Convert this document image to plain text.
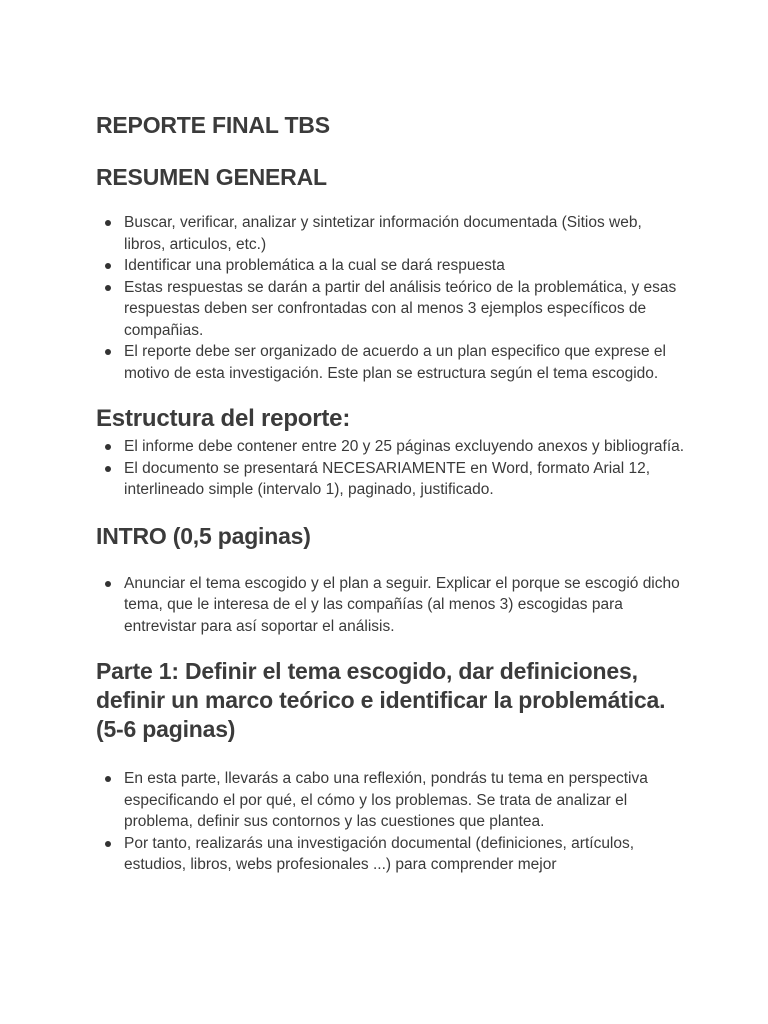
REPORTE FINAL TBS
RESUMEN GENERAL
Buscar, verificar, analizar y sintetizar información documentada (Sitios web, libros, articulos, etc.)
Identificar una problemática a la cual se dará respuesta
Estas respuestas se darán a partir del análisis teórico de la problemática, y esas respuestas deben ser confrontadas con al menos 3 ejemplos específicos de compañias.
El reporte debe ser organizado de acuerdo a un plan especifico que exprese el motivo de esta investigación. Este plan se estructura según el tema escogido.
Estructura del reporte:
El informe debe contener entre 20 y 25 páginas excluyendo anexos y bibliografía.
El documento se presentará NECESARIAMENTE en Word, formato Arial 12, interlineado simple (intervalo 1), paginado, justificado.
INTRO (0,5 paginas)
Anunciar el tema escogido y el plan a seguir. Explicar el porque se escogió dicho tema, que le interesa de el y las compañías (al menos 3) escogidas para entrevistar para así soportar el análisis.
Parte 1: Definir el tema escogido, dar definiciones, definir un marco teórico e identificar la problemática. (5-6 paginas)
En esta parte, llevarás a cabo una reflexión, pondrás tu tema en perspectiva especificando el por qué, el cómo y los problemas. Se trata de analizar el problema, definir sus contornos y las cuestiones que plantea.
Por tanto, realizarás una investigación documental (definiciones, artículos, estudios, libros, webs profesionales ...) para comprender mejor
